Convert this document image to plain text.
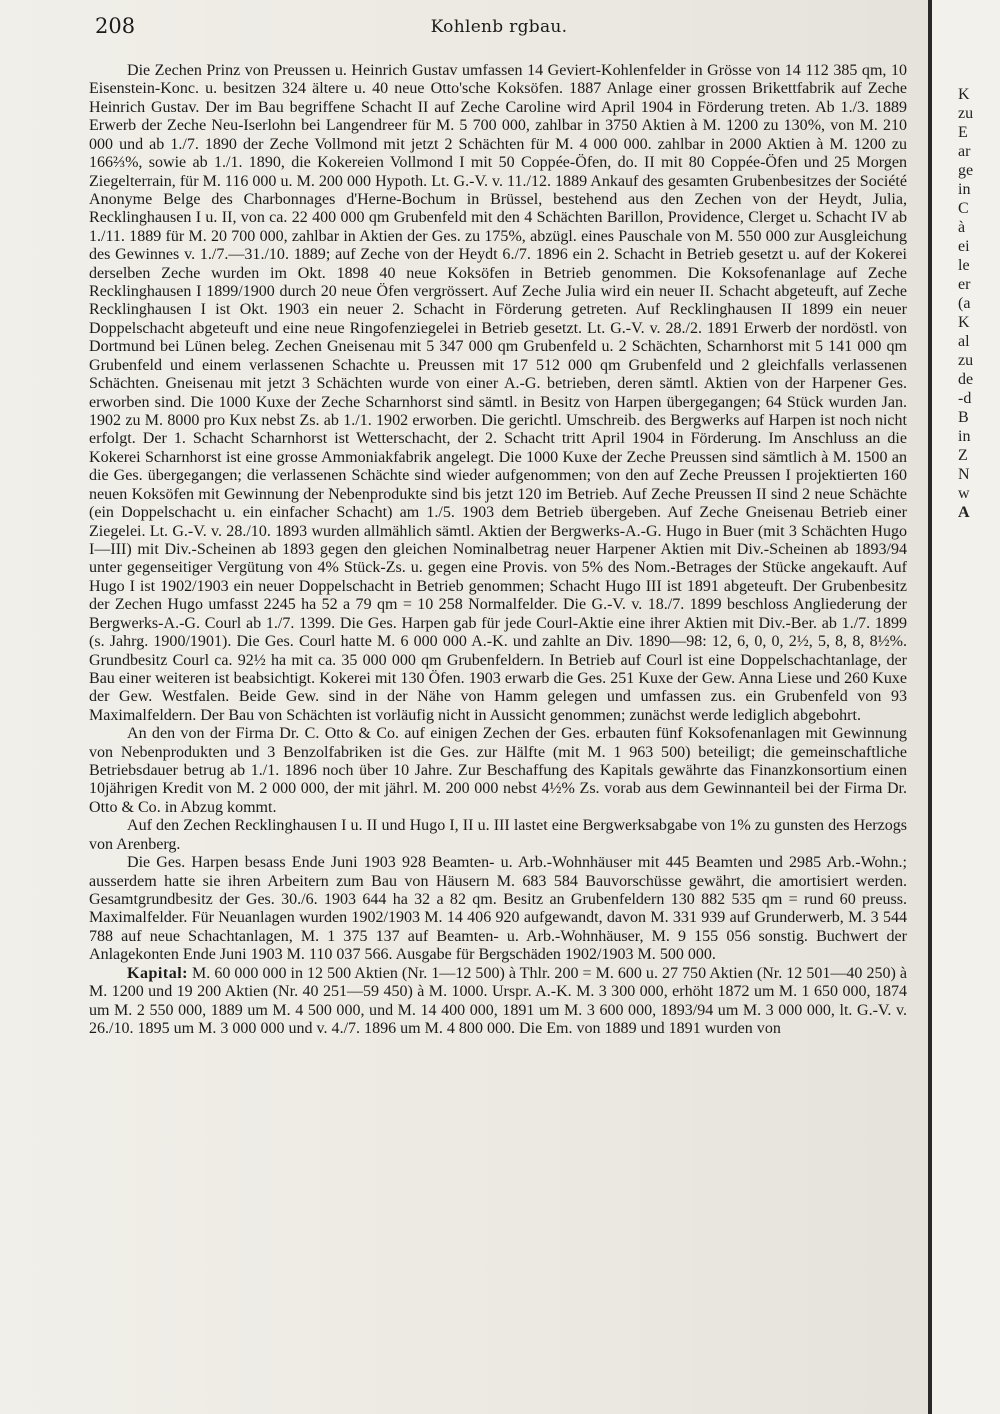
208	Kohlenb rgbau.

Die Zechen Prinz von Preussen u. Heinrich Gustav umfassen 14 Geviert-Kohlenfelder in Grösse von 14 112 385 qm, 10 Eisenstein-Konc. u. besitzen 324 ältere u. 40 neue Otto'sche Koksöfen. 1887 Anlage einer grossen Brikettfabrik auf Zeche Heinrich Gustav. Der im Bau begriffene Schacht II auf Zeche Caroline wird April 1904 in Förderung treten. Ab 1./3. 1889 Erwerb der Zeche Neu-Iserlohn bei Langendreer für M. 5 700 000, zahlbar in 3750 Aktien à M. 1200 zu 130%, von M. 210 000 und ab 1./7. 1890 der Zeche Vollmond mit jetzt 2 Schächten für M. 4 000 000. zahlbar in 2000 Aktien à M. 1200 zu 166⅔%, sowie ab 1./1. 1890, die Kokereien Vollmond I mit 50 Coppée-Öfen, do. II mit 80 Coppée-Öfen und 25 Morgen Ziegelterrain, für M. 116 000 u. M. 200 000 Hypoth. Lt. G.-V. v. 11./12. 1889 Ankauf des gesamten Grubenbesitzes der Société Anonyme Belge des Charbonnages d'Herne-Bochum in Brüssel, bestehend aus den Zechen von der Heydt, Julia, Recklinghausen I u. II, von ca. 22 400 000 qm Grubenfeld mit den 4 Schächten Barillon, Providence, Clerget u. Schacht IV ab 1./11. 1889 für M. 20 700 000, zahlbar in Aktien der Ges. zu 175%, abzügl. eines Pauschale von M. 550 000 zur Ausgleichung des Gewinnes v. 1./7.—31./10. 1889; auf Zeche von der Heydt 6./7. 1896 ein 2. Schacht in Betrieb gesetzt u. auf der Kokerei derselben Zeche wurden im Okt. 1898 40 neue Koksöfen in Betrieb genommen. Die Koksofenanlage auf Zeche Recklinghausen I 1899/1900 durch 20 neue Öfen vergrössert. Auf Zeche Julia wird ein neuer II. Schacht abgeteuft, auf Zeche Recklinghausen I ist Okt. 1903 ein neuer 2. Schacht in Förderung getreten. Auf Recklinghausen II 1899 ein neuer Doppelschacht abgeteuft und eine neue Ringofenziegelei in Betrieb gesetzt. Lt. G.-V. v. 28./2. 1891 Erwerb der nordöstl. von Dortmund bei Lünen beleg. Zechen Gneisenau mit 5 347 000 qm Grubenfeld u. 2 Schächten, Scharnhorst mit 5 141 000 qm Grubenfeld und einem verlassenen Schachte u. Preussen mit 17 512 000 qm Grubenfeld und 2 gleichfalls verlassenen Schächten. Gneisenau mit jetzt 3 Schächten wurde von einer A.-G. betrieben, deren sämtl. Aktien von der Harpener Ges. erworben sind. Die 1000 Kuxe der Zeche Scharnhorst sind sämtl. in Besitz von Harpen übergegangen; 64 Stück wurden Jan. 1902 zu M. 8000 pro Kux nebst Zs. ab 1./1. 1902 erworben. Die gerichtl. Umschreib. des Bergwerks auf Harpen ist noch nicht erfolgt. Der 1. Schacht Scharnhorst ist Wetterschacht, der 2. Schacht tritt April 1904 in Förderung. Im Anschluss an die Kokerei Scharnhorst ist eine grosse Ammoniakfabrik angelegt. Die 1000 Kuxe der Zeche Preussen sind sämtlich à M. 1500 an die Ges. übergegangen; die verlassenen Schächte sind wieder aufgenommen; von den auf Zeche Preussen I projektierten 160 neuen Koksöfen mit Gewinnung der Nebenprodukte sind bis jetzt 120 im Betrieb. Auf Zeche Preussen II sind 2 neue Schächte (ein Doppelschacht u. ein einfacher Schacht) am 1./5. 1903 dem Betrieb übergeben. Auf Zeche Gneisenau Betrieb einer Ziegelei. Lt. G.-V. v. 28./10. 1893 wurden allmählich sämtl. Aktien der Bergwerks-A.-G. Hugo in Buer (mit 3 Schächten Hugo I—III) mit Div.-Scheinen ab 1893 gegen den gleichen Nominalbetrag neuer Harpener Aktien mit Div.-Scheinen ab 1893/94 unter gegenseitiger Vergütung von 4% Stück-Zs. u. gegen eine Provis. von 5% des Nom.-Betrages der Stücke angekauft. Auf Hugo I ist 1902/1903 ein neuer Doppelschacht in Betrieb genommen; Schacht Hugo III ist 1891 abgeteuft. Der Grubenbesitz der Zechen Hugo umfasst 2245 ha 52 a 79 qm = 10 258 Normalfelder. Die G.-V. v. 18./7. 1899 beschloss Angliederung der Bergwerks-A.-G. Courl ab 1./7. 1399. Die Ges. Harpen gab für jede Courl-Aktie eine ihrer Aktien mit Div.-Ber. ab 1./7. 1899 (s. Jahrg. 1900/1901). Die Ges. Courl hatte M. 6 000 000 A.-K. und zahlte an Div. 1890—98: 12, 6, 0, 0, 2½, 5, 8, 8, 8½%. Grundbesitz Courl ca. 92½ ha mit ca. 35 000 000 qm Grubenfeldern. In Betrieb auf Courl ist eine Doppelschachtanlage, der Bau einer weiteren ist beabsichtigt. Kokerei mit 130 Öfen. 1903 erwarb die Ges. 251 Kuxe der Gew. Anna Liese und 260 Kuxe der Gew. Westfalen. Beide Gew. sind in der Nähe von Hamm gelegen und umfassen zus. ein Grubenfeld von 93 Maximalfeldern. Der Bau von Schächten ist vorläufig nicht in Aussicht genommen; zunächst werde lediglich abgebohrt.

An den von der Firma Dr. C. Otto & Co. auf einigen Zechen der Ges. erbauten fünf Koksofenanlagen mit Gewinnung von Nebenprodukten und 3 Benzolfabriken ist die Ges. zur Hälfte (mit M. 1 963 500) beteiligt; die gemeinschaftliche Betriebsdauer betrug ab 1./1. 1896 noch über 10 Jahre. Zur Beschaffung des Kapitals gewährte das Finanzkonsortium einen 10jährigen Kredit von M. 2 000 000, der mit jährl. M. 200 000 nebst 4½% Zs. vorab aus dem Gewinnanteil bei der Firma Dr. Otto & Co. in Abzug kommt.

Auf den Zechen Recklinghausen I u. II und Hugo I, II u. III lastet eine Bergwerksabgabe von 1% zu gunsten des Herzogs von Arenberg.

Die Ges. Harpen besass Ende Juni 1903 928 Beamten- u. Arb.-Wohnhäuser mit 445 Beamten und 2985 Arb.-Wohn.; ausserdem hatte sie ihren Arbeitern zum Bau von Häusern M. 683 584 Bauvorschüsse gewährt, die amortisiert werden. Gesamtgrundbesitz der Ges. 30./6. 1903 644 ha 32 a 82 qm. Besitz an Grubenfeldern 130 882 535 qm = rund 60 preuss. Maximalfelder. Für Neuanlagen wurden 1902/1903 M. 14 406 920 aufgewandt, davon M. 331 939 auf Grunderwerb, M. 3 544 788 auf neue Schachtanlagen, M. 1 375 137 auf Beamten- u. Arb.-Wohnhäuser, M. 9 155 056 sonstig. Buchwert der Anlagekonten Ende Juni 1903 M. 110 037 566. Ausgabe für Bergschäden 1902/1903 M. 500 000.

Kapital: M. 60 000 000 in 12 500 Aktien (Nr. 1—12 500) à Thlr. 200 = M. 600 u. 27 750 Aktien (Nr. 12 501—40 250) à M. 1200 und 19 200 Aktien (Nr. 40 251—59 450) à M. 1000. Urspr. A.-K. M. 3 300 000, erhöht 1872 um M. 1 650 000, 1874 um M. 2 550 000, 1889 um M. 4 500 000, und M. 14 400 000, 1891 um M. 3 600 000, 1893/94 um M. 3 000 000, lt. G.-V. v. 26./10. 1895 um M. 3 000 000 und v. 4./7. 1896 um M. 4 800 000. Die Em. von 1889 und 1891 wurden von

K
zu
E
ar
ge
in
C
à
ei
le
er
(a
K
al
zu
de
-d
B
in
Z
N
w
A
